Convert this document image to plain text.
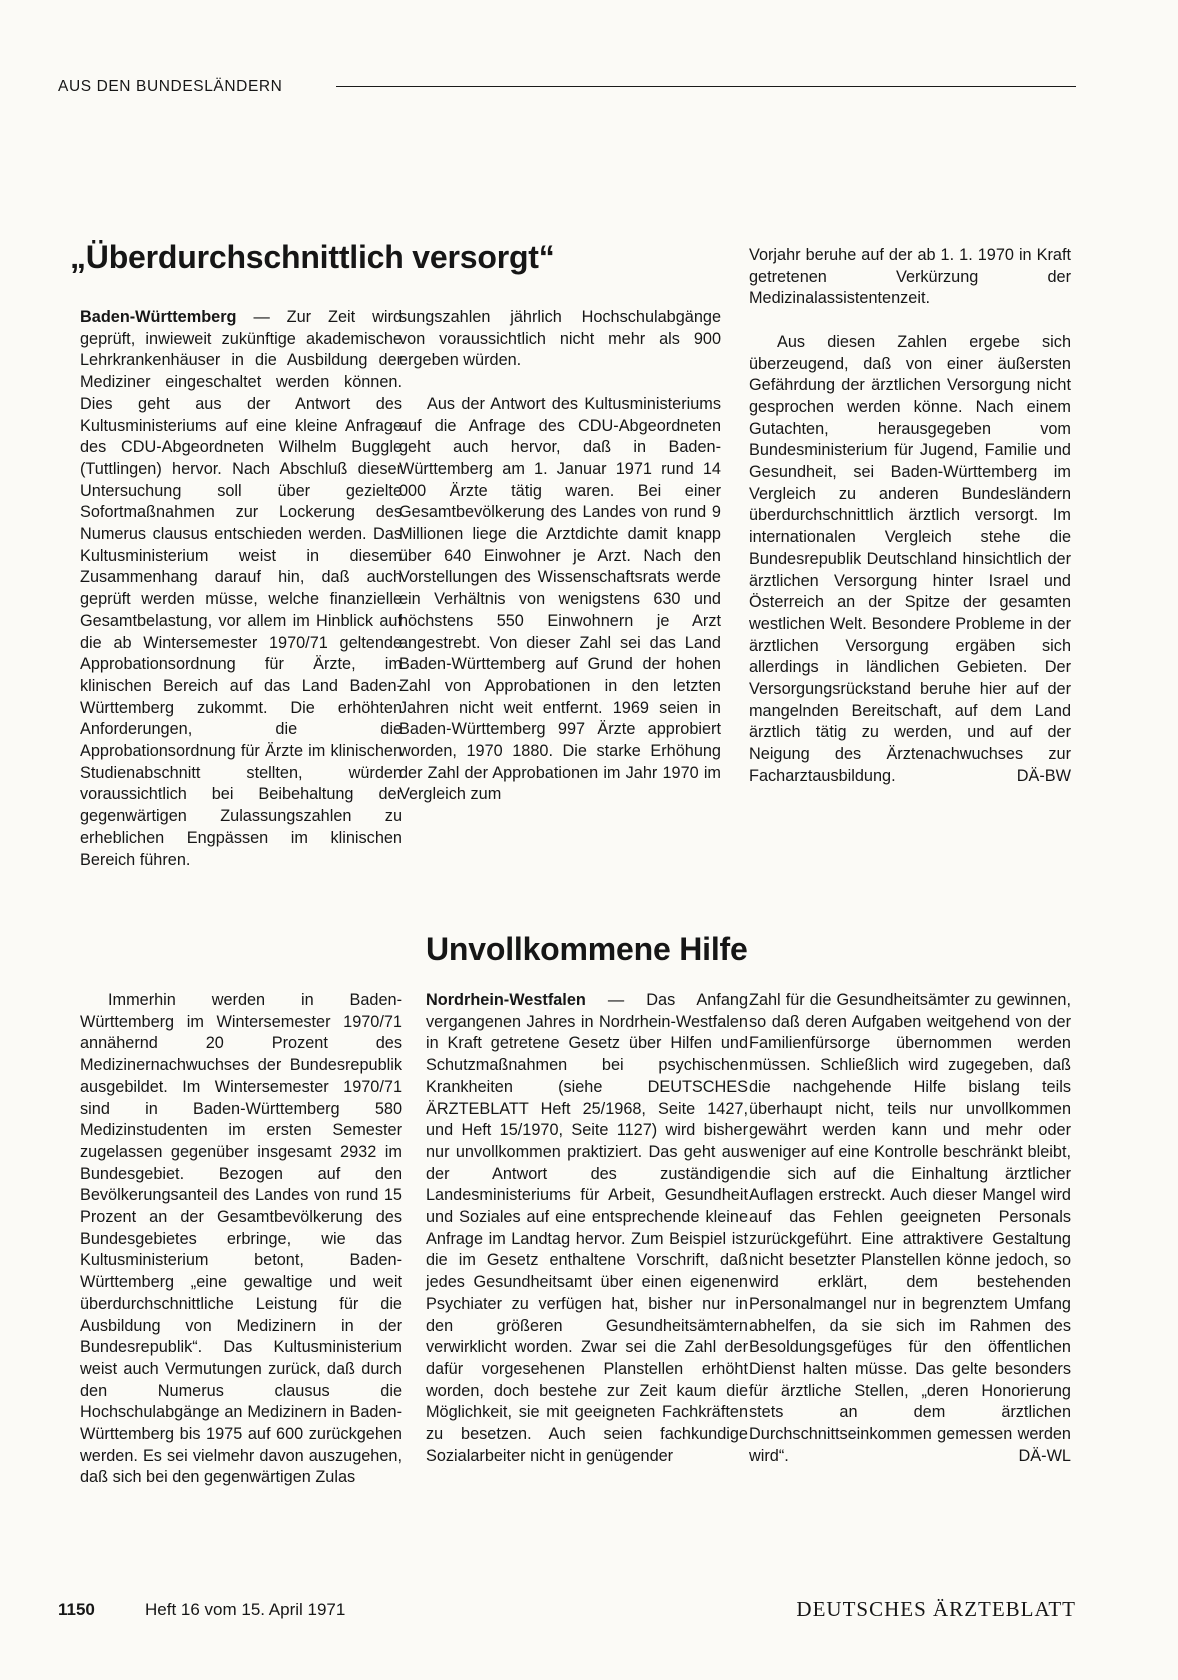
AUS DEN BUNDESLÄNDERN
„Überdurchschnittlich versorgt“

Baden-Württemberg — Zur Zeit wird geprüft, inwieweit zukünftige akademische Lehrkrankenhäuser in die Ausbildung der Mediziner eingeschaltet werden können. Dies geht aus der Antwort des Kultusministeriums auf eine kleine Anfrage des CDU-Abgeordneten Wilhelm Buggle (Tuttlingen) hervor. Nach Abschluß dieser Untersuchung soll über gezielte Sofortmaßnahmen zur Lockerung des Numerus clausus entschieden werden. Das Kultusministerium weist in diesem Zusammenhang darauf hin, daß auch geprüft werden müsse, welche finanzielle Gesamtbelastung, vor allem im Hinblick auf die ab Wintersemester 1970/71 geltende Approbationsordnung für Ärzte, im klinischen Bereich auf das Land Baden-Württemberg zukommt. Die erhöhten Anforderungen, die die Approbationsordnung für Ärzte im klinischen Studienabschnitt stellten, würden voraussichtlich bei Beibehaltung der gegenwärtigen Zulassungszahlen zu erheblichen Engpässen im klinischen Bereich führen.

sungszahlen jährlich Hochschulabgänge von voraussichtlich nicht mehr als 900 ergeben würden.

Aus der Antwort des Kultusministeriums auf die Anfrage des CDU-Abgeordneten geht auch hervor, daß in Baden-Württemberg am 1. Januar 1971 rund 14 000 Ärzte tätig waren. Bei einer Gesamtbevölkerung des Landes von rund 9 Millionen liege die Arztdichte damit knapp über 640 Einwohner je Arzt. Nach den Vorstellungen des Wissenschaftsrats werde ein Verhältnis von wenigstens 630 und höchstens 550 Einwohnern je Arzt angestrebt. Von dieser Zahl sei das Land Baden-Württemberg auf Grund der hohen Zahl von Approbationen in den letzten Jahren nicht weit entfernt. 1969 seien in Baden-Württemberg 997 Ärzte approbiert worden, 1970 1880. Die starke Erhöhung der Zahl der Approbationen im Jahr 1970 im Vergleich zum

Vorjahr beruhe auf der ab 1. 1. 1970 in Kraft getretenen Verkürzung der Medizinalassistentenzeit.

Aus diesen Zahlen ergebe sich überzeugend, daß von einer äußersten Gefährdung der ärztlichen Versorgung nicht gesprochen werden könne. Nach einem Gutachten, herausgegeben vom Bundesministerium für Jugend, Familie und Gesundheit, sei Baden-Württemberg im Vergleich zu anderen Bundesländern überdurchschnittlich ärztlich versorgt. Im internationalen Vergleich stehe die Bundesrepublik Deutschland hinsichtlich der ärztlichen Versorgung hinter Israel und Österreich an der Spitze der gesamten westlichen Welt. Besondere Probleme in der ärztlichen Versorgung ergäben sich allerdings in ländlichen Gebieten. Der Versorgungsrückstand beruhe hier auf der mangelnden Bereitschaft, auf dem Land ärztlich tätig zu werden, und auf der Neigung des Ärztenachwuchses zur Facharztausbildung.	DÄ-BW

Immerhin werden in Baden-Württemberg im Wintersemester 1970/71 annähernd 20 Prozent des Medizinernachwuchses der Bundesrepublik ausgebildet. Im Wintersemester 1970/71 sind in Baden-Württemberg 580 Medizinstudenten im ersten Semester zugelassen gegenüber insgesamt 2932 im Bundesgebiet. Bezogen auf den Bevölkerungsanteil des Landes von rund 15 Prozent an der Gesamtbevölkerung des Bundesgebietes erbringe, wie das Kultusministerium betont, Baden-Württemberg „eine gewaltige und weit überdurchschnittliche Leistung für die Ausbildung von Medizinern in der Bundesrepublik“. Das Kultusministerium weist auch Vermutungen zurück, daß durch den Numerus clausus die Hochschulabgänge an Medizinern in Baden-Württemberg bis 1975 auf 600 zurückgehen werden. Es sei vielmehr davon auszugehen, daß sich bei den gegenwärtigen Zulas

Unvollkommene Hilfe

Nordrhein-Westfalen — Das Anfang vergangenen Jahres in Nordrhein-Westfalen in Kraft getretene Gesetz über Hilfen und Schutzmaßnahmen bei psychischen Krankheiten (siehe DEUTSCHES ÄRZTEBLATT Heft 25/1968, Seite 1427, und Heft 15/1970, Seite 1127) wird bisher nur unvollkommen praktiziert. Das geht aus der Antwort des zuständigen Landesministeriums für Arbeit, Gesundheit und Soziales auf eine entsprechende kleine Anfrage im Landtag hervor. Zum Beispiel ist die im Gesetz enthaltene Vorschrift, daß jedes Gesundheitsamt über einen eigenen Psychiater zu verfügen hat, bisher nur in den größeren Gesundheitsämtern verwirklicht worden. Zwar sei die Zahl der dafür vorgesehenen Planstellen erhöht worden, doch bestehe zur Zeit kaum die Möglichkeit, sie mit geeigneten Fachkräften zu besetzen. Auch seien fachkundige Sozialarbeiter nicht in genügender

Zahl für die Gesundheitsämter zu gewinnen, so daß deren Aufgaben weitgehend von der Familienfürsorge übernommen werden müssen. Schließlich wird zugegeben, daß die nachgehende Hilfe bislang teils überhaupt nicht, teils nur unvollkommen gewährt werden kann und mehr oder weniger auf eine Kontrolle beschränkt bleibt, die sich auf die Einhaltung ärztlicher Auflagen erstreckt. Auch dieser Mangel wird auf das Fehlen geeigneten Personals zurückgeführt. Eine attraktivere Gestaltung nicht besetzter Planstellen könne jedoch, so wird erklärt, dem bestehenden Personalmangel nur in begrenztem Umfang abhelfen, da sie sich im Rahmen des Besoldungsgefüges für den öffentlichen Dienst halten müsse. Das gelte besonders für ärztliche Stellen, „deren Honorierung stets an dem ärztlichen Durchschnittseinkommen gemessen werden wird“.	DÄ-WL

1150	Heft 16 vom 15. April 1971	DEUTSCHES ÄRZTEBLATT
